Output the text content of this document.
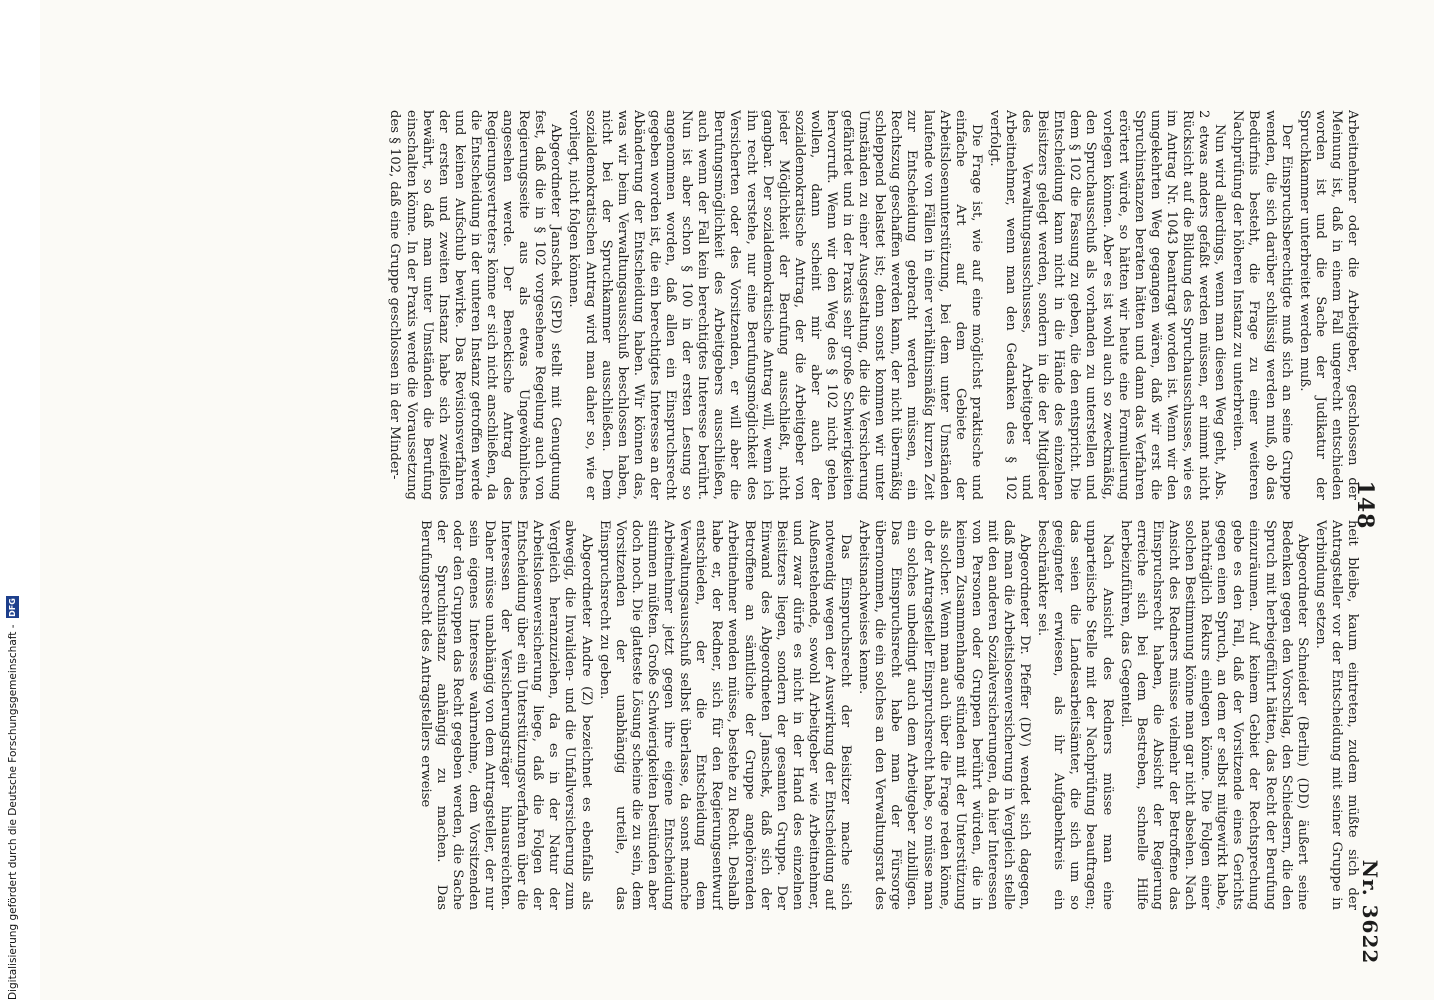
148
Nr. 3622

heit bleibe, kaum eintreten, zudem müßte sich der Antragsteller vor der Entscheidung mit seiner Gruppe in Verbindung setzen.

Abgeordneter Schneider (Berlin) (DD) äußert seine Bedenken gegen den Vorschlag, den Schiedsern, die den Spruch mit herbeigeführt hätten, das Recht der Berufung einzuräumen. Auf keinem Gebiet der Rechtsprechung gebe es den Fall, daß der Vorsitzende eines Gerichts gegen einen Spruch, an dem er selbst mitgewirkt habe, nachträglich Rekurs einlegen könne. Die Folgen einer solchen Bestimmung könne man gar nicht absehen. Nach Ansicht des Redners müsse vielmehr der Betroffene das Einspruchsrecht haben, die Absicht der Regierung erreiche sich bei dem Bestreben, schnelle Hilfe herbeizuführen, das Gegenteil.

Nach Ansicht des Redners müsse man eine unparteiische Stelle mit der Nachprüfung beauftragen; das seien die Landesarbeitsämter, die sich um so geeigneter erwiesen, als ihr Aufgabenkreis ein beschränkter sei.

Abgeordneter Dr. Pfeffer (DV) wendet sich dagegen, daß man die Arbeitslosenversicherung in Vergleich stelle mit den anderen Sozialversicherungen, da hier Interessen von Personen oder Gruppen berührt würden, die in keinem Zusammenhange stünden mit der Unterstützung als solcher. Wenn man auch über die Frage reden könne, ob der Antragsteller Einspruchsrecht habe, so müsse man ein solches unbedingt auch dem Arbeitgeber zubilligen. Das Einspruchsrecht habe man der Fürsorge übernommen, die ein solches an den Verwaltungsrat des Arbeitsnachweises kenne.

Das Einspruchsrecht der Beisitzer mache sich notwendig wegen der Auswirkung der Entscheidung auf Außenstehende, sowohl Arbeitgeber wie Arbeitnehmer, und zwar dürfe es nicht in der Hand des einzelnen Beisitzers liegen, sondern der gesamten Gruppe. Der Einwand des Abgeordneten Janschek, daß sich der Betroffene an sämtliche der Gruppe angehörenden Arbeitnehmer wenden müsse, bestehe zu Recht. Deshalb habe er, der Redner, sich für den Regierungsentwurf entschieden, der die Entscheidung dem Verwaltungsausschuß selbst überlasse, da sonst manche Arbeitnehmer jetzt gegen ihre eigene Entscheidung stimmen müßten. Große Schwierigkeiten bestünden aber doch noch. Die glatteste Lösung scheine die zu sein, dem Vorsitzenden der unabhängig urteile, das Einspruchsrecht zu geben.

Abgeordneter Andre (Z) bezeichnet es ebenfalls als abwegig, die Invaliden- und die Unfallversicherung zum Vergleich heranzuziehen, da es in der Natur der Arbeitslosenversicherung liege, daß die Folgen der Entscheidung über ein Unterstützungsverfahren über die Interessen der Versicherungsträger hinausreichten. Daher müsse unabhängig von dem Antragsteller, der nur sein eigenes Interesse wahrnehme, dem Vorsitzenden oder den Gruppen das Recht gegeben werden, die Sache der Spruchinstanz anhängig zu machen. Das Berufungsrecht des Antragstellers erweise

Arbeitnehmer oder die Arbeitgeber, geschlossen der Meinung ist, daß in einem Fall ungerecht entschieden worden ist und die Sache der Judikatur der Spruchkammer unterbreitet werden muß.

Der Einspruchsberechtigte muß sich an seine Gruppe wenden, die sich darüber schlüssig werden muß, ob das Bedürfnis besteht, die Frage zu einer weiteren Nachprüfung der höheren Instanz zu unterbreiten.

Nun wird allerdings, wenn man diesen Weg geht, Abs. 2 etwas anders gefaßt werden müssen, er nimmt nicht Rücksicht auf die Bildung des Spruchausschusses, wie es im Antrag Nr. 1043 beantragt worden ist. Wenn wir den umgekehrten Weg gegangen wären, daß wir erst die Spruchinstanzen beraten hätten und dann das Verfahren erörtert würde, so hätten wir heute eine Formulierung vorlegen können. Aber es ist wohl auch so zweckmäßig, den Spruchausschuß als vorhanden zu unterstellen und dem § 102 die Fassung zu geben, die den entspricht. Die Entscheidung kann nicht in die Hände des einzelnen Beisitzers gelegt werden, sondern in die der Mitglieder des Verwaltungsausschusses, Arbeitgeber und Arbeitnehmer, wenn man den Gedanken des § 102 verfolgt.

Die Frage ist, wie auf eine möglichst praktische und einfache Art auf dem Gebiete der Arbeitslosenunterstützung, bei dem unter Umständen laufende von Fällen in einer verhältnismäßig kurzen Zeit zur Entscheidung gebracht werden müssen, ein Rechtszug geschaffen werden kann, der nicht übermäßig schleppend belastet ist; denn sonst kommen wir unter Umständen zu einer Ausgestaltung, die die Versicherung gefährdet und in der Praxis sehr große Schwierigkeiten hervorruft. Wenn wir den Weg des § 102 nicht gehen wollen, dann scheint mir aber auch der sozialdemokratische Antrag, der die Arbeitgeber von jeder Möglichkeit der Berufung ausschließt, nicht gangbar. Der sozialdemokratische Antrag will, wenn ich ihn recht verstehe, nur eine Berufungsmöglichkeit des Versicherten oder des Vorsitzenden, er will aber die Berufungsmöglichkeit des Arbeitgebers ausschließen, auch wenn der Fall kein berechtigtes Interesse berührt. Nun ist aber schon § 100 in der ersten Lesung so angenommen worden, daß allen ein Einspruchsrecht gegeben worden ist, die ein berechtigtes Interesse an der Abänderung der Entscheidung haben. Wir können das, was wir beim Verwaltungsausschuß beschlossen haben, nicht bei der Spruchkammer ausschließen. Dem sozialdemokratischen Antrag wird man daher so, wie er vorliegt, nicht folgen können.

Abgeordneter Janschek (SPD) stellt mit Genugtuung fest, daß die in § 102 vorgesehene Regelung auch von Regierungsseite aus als etwas Ungewöhnliches angesehen werde. Der Beneckische Antrag des Regierungsvertreters könne er sich nicht anschließen, da die Entscheidung in der unteren Instanz getroffen werde und keinen Aufschub bewirke. Das Revisionsverfahren der ersten und zweiten Instanz habe sich zweifellos bewährt, so daß man unter Umständen die Berufung einschalten könne. In der Praxis werde die Voraussetzung des § 102, daß eine Gruppe geschlossen in der Minder-

Digitalisierung gefördert durch die Deutsche Forschungsgemeinschaft -
DFG
